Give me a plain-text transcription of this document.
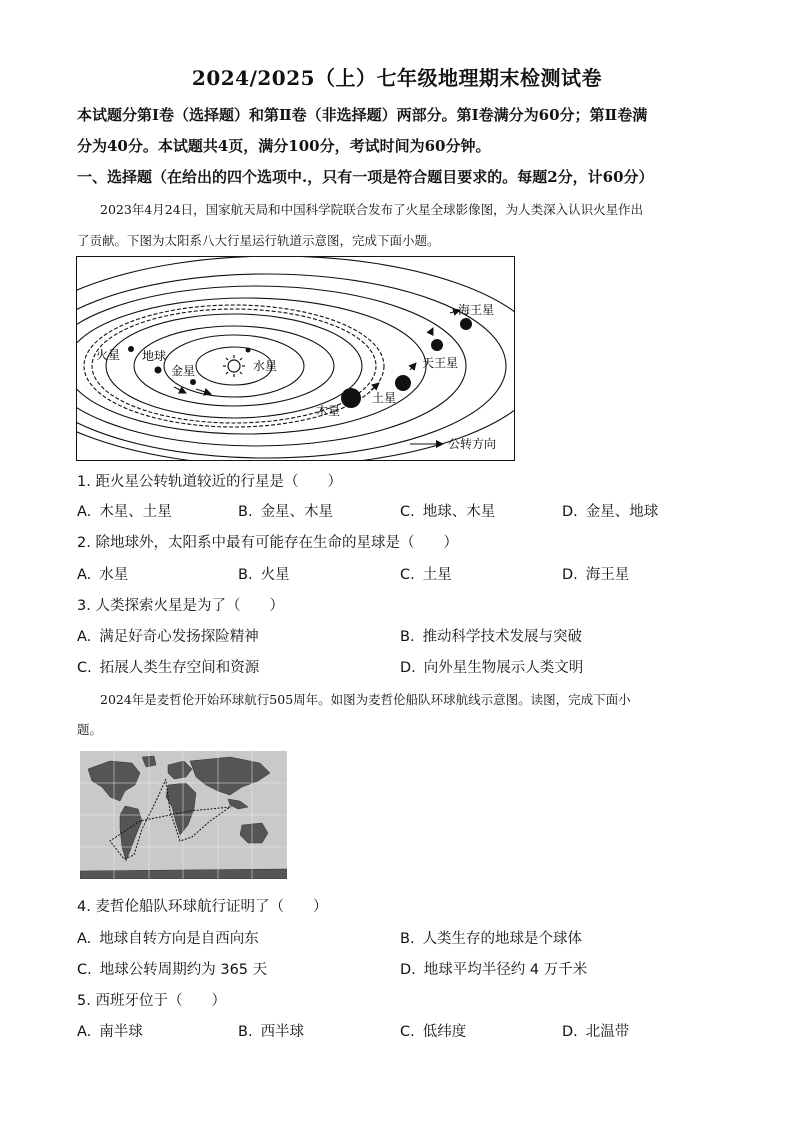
2024/2025（上）七年级地理期末检测试卷
本试题分第Ⅰ卷（选择题）和第Ⅱ卷（非选择题）两部分。第Ⅰ卷满分为60分；第Ⅱ卷满
分为40分。本试题共4页，满分100分，考试时间为60分钟。
一、选择题（在给出的四个选项中.，只有一项是符合题目要求的。每题2分，计60分）
2023年4月24日，国家航天局和中国科学院联合发布了火星全球影像图，为人类深入认识火星作出
了贡献。下图为太阳系八大行星运行轨道示意图，完成下面小题。
火星 地球
金星	水星
木星
土星
天王星
海王星
公转方向
1. 距火星公转轨道较近的行星是（　　）
A. 木星、土星	B. 金星、木星	C. 地球、木星	D. 金星、地球
2. 除地球外，太阳系中最有可能存在生命的星球是（　　）
A. 水星	B. 火星	C. 土星	D. 海王星
3. 人类探索火星是为了（　　）
A. 满足好奇心发扬探险精神	B. 推动科学技术发展与突破
C. 拓展人类生存空间和资源	D. 向外星生物展示人类文明
2024年是麦哲伦开始环球航行505周年。如图为麦哲伦船队环球航线示意图。读图，完成下面小
题。
4. 麦哲伦船队环球航行证明了（　　）
A. 地球自转方向是自西向东	B. 人类生存的地球是个球体
C. 地球公转周期约为 365 天	D. 地球平均半径约 4 万千米
5. 西班牙位于（　　）
A. 南半球	B. 西半球	C. 低纬度	D. 北温带
